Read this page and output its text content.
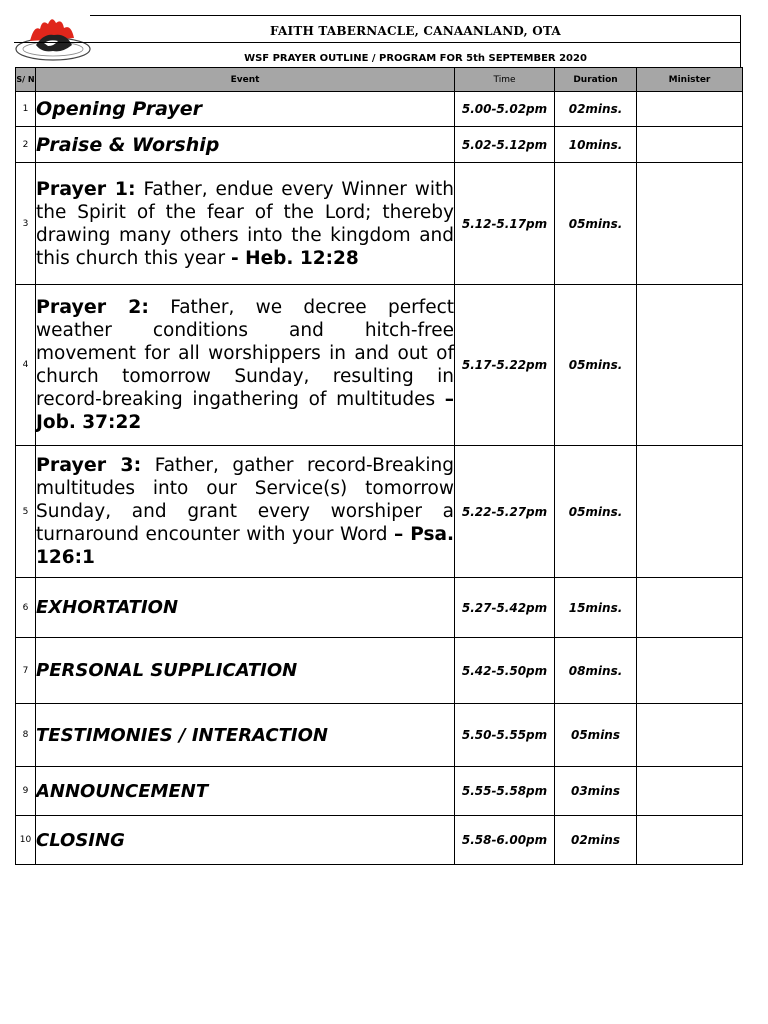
FAITH TABERNACLE, CANAANLAND, OTA
WSF PRAYER OUTLINE / PROGRAM FOR 5th SEPTEMBER 2020
S/ N	Event	Time	Duration	Minister
1	Opening Prayer	5.00-5.02pm	02mins.	
2	Praise & Worship	5.02-5.12pm	10mins.	
3	Prayer 1: Father, endue every Winner with the Spirit of the fear of the Lord; thereby drawing many others into the kingdom and this church this year - Heb. 12:28	5.12-5.17pm	05mins.	
4	Prayer 2: Father, we decree perfect weather conditions and hitch-free movement for all worshippers in and out of church tomorrow Sunday, resulting in record-breaking ingathering of multitudes – Job. 37:22	5.17-5.22pm	05mins.	
5	Prayer 3: Father, gather record-Breaking multitudes into our Service(s) tomorrow Sunday, and grant every worshiper a turnaround encounter with your Word – Psa. 126:1	5.22-5.27pm	05mins.	
6	EXHORTATION	5.27-5.42pm	15mins.	
7	PERSONAL SUPPLICATION	5.42-5.50pm	08mins.	
8	TESTIMONIES / INTERACTION	5.50-5.55pm	05mins	
9	ANNOUNCEMENT	5.55-5.58pm	03mins	
10	CLOSING	5.58-6.00pm	02mins	
